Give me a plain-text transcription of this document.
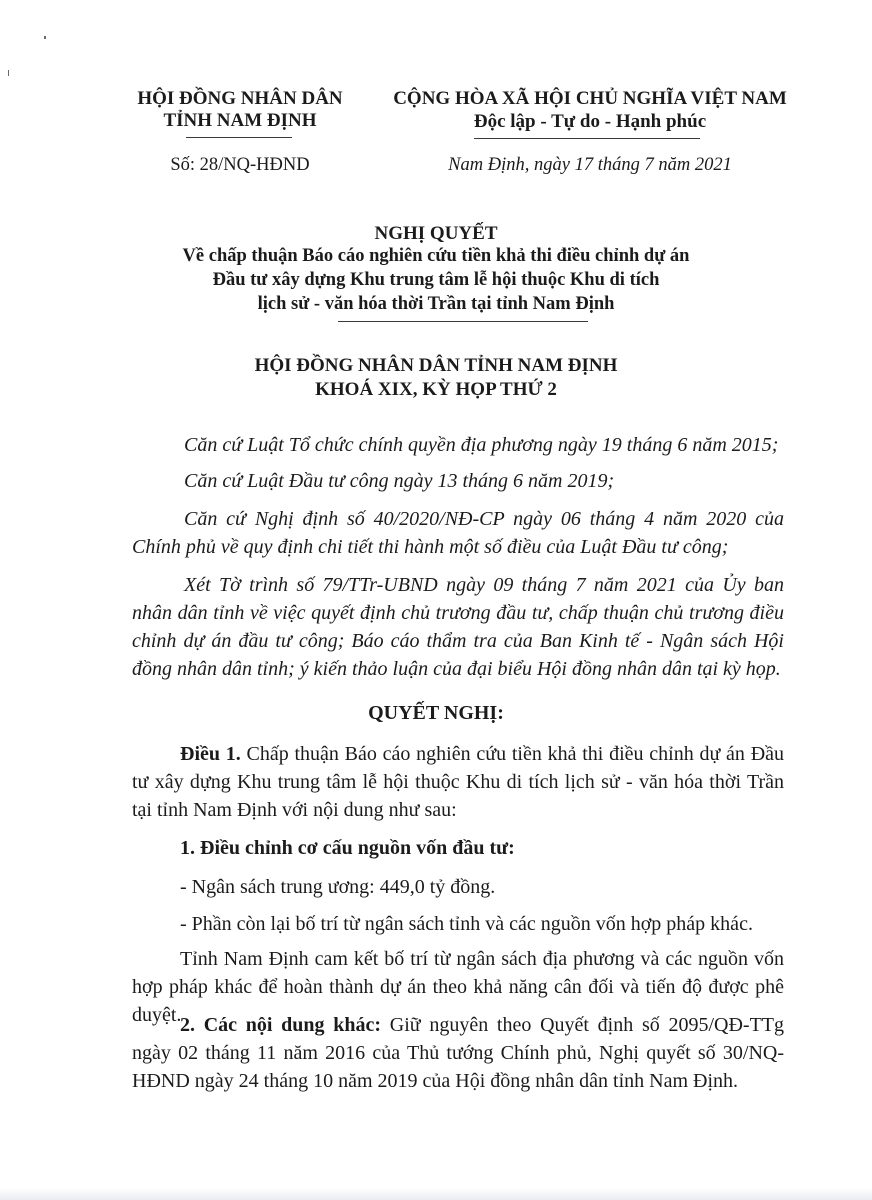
HỘI ĐỒNG NHÂN DÂN
TỈNH NAM ĐỊNH
Số: 28/NQ-HĐND
CỘNG HÒA XÃ HỘI CHỦ NGHĨA VIỆT NAM
Độc lập - Tự do - Hạnh phúc
Nam Định, ngày 17 tháng 7 năm 2021
NGHỊ QUYẾT
Về chấp thuận Báo cáo nghiên cứu tiền khả thi điều chỉnh dự án
Đầu tư xây dựng Khu trung tâm lễ hội thuộc Khu di tích
lịch sử - văn hóa thời Trần tại tỉnh Nam Định
HỘI ĐỒNG NHÂN DÂN TỈNH NAM ĐỊNH
KHOÁ XIX, KỲ HỌP THỨ 2
Căn cứ Luật Tổ chức chính quyền địa phương ngày 19 tháng 6 năm 2015;
Căn cứ Luật Đầu tư công ngày 13 tháng 6 năm 2019;
Căn cứ Nghị định số 40/2020/NĐ-CP ngày 06 tháng 4 năm 2020 của Chính phủ về quy định chi tiết thi hành một số điều của Luật Đầu tư công;
Xét Tờ trình số 79/TTr-UBND ngày 09 tháng 7 năm 2021 của Ủy ban nhân dân tỉnh về việc quyết định chủ trương đầu tư, chấp thuận chủ trương điều chỉnh dự án đầu tư công; Báo cáo thẩm tra của Ban Kinh tế - Ngân sách Hội đồng nhân dân tỉnh; ý kiến thảo luận của đại biểu Hội đồng nhân dân tại kỳ họp.
QUYẾT NGHỊ:
Điều 1. Chấp thuận Báo cáo nghiên cứu tiền khả thi điều chỉnh dự án Đầu tư xây dựng Khu trung tâm lễ hội thuộc Khu di tích lịch sử - văn hóa thời Trần tại tỉnh Nam Định với nội dung như sau:
1. Điều chỉnh cơ cấu nguồn vốn đầu tư:
- Ngân sách trung ương: 449,0 tỷ đồng.
- Phần còn lại bố trí từ ngân sách tỉnh và các nguồn vốn hợp pháp khác.
Tỉnh Nam Định cam kết bố trí từ ngân sách địa phương và các nguồn vốn hợp pháp khác để hoàn thành dự án theo khả năng cân đối và tiến độ được phê duyệt.
2. Các nội dung khác: Giữ nguyên theo Quyết định số 2095/QĐ-TTg ngày 02 tháng 11 năm 2016 của Thủ tướng Chính phủ, Nghị quyết số 30/NQ-HĐND ngày 24 tháng 10 năm 2019 của Hội đồng nhân dân tỉnh Nam Định.
